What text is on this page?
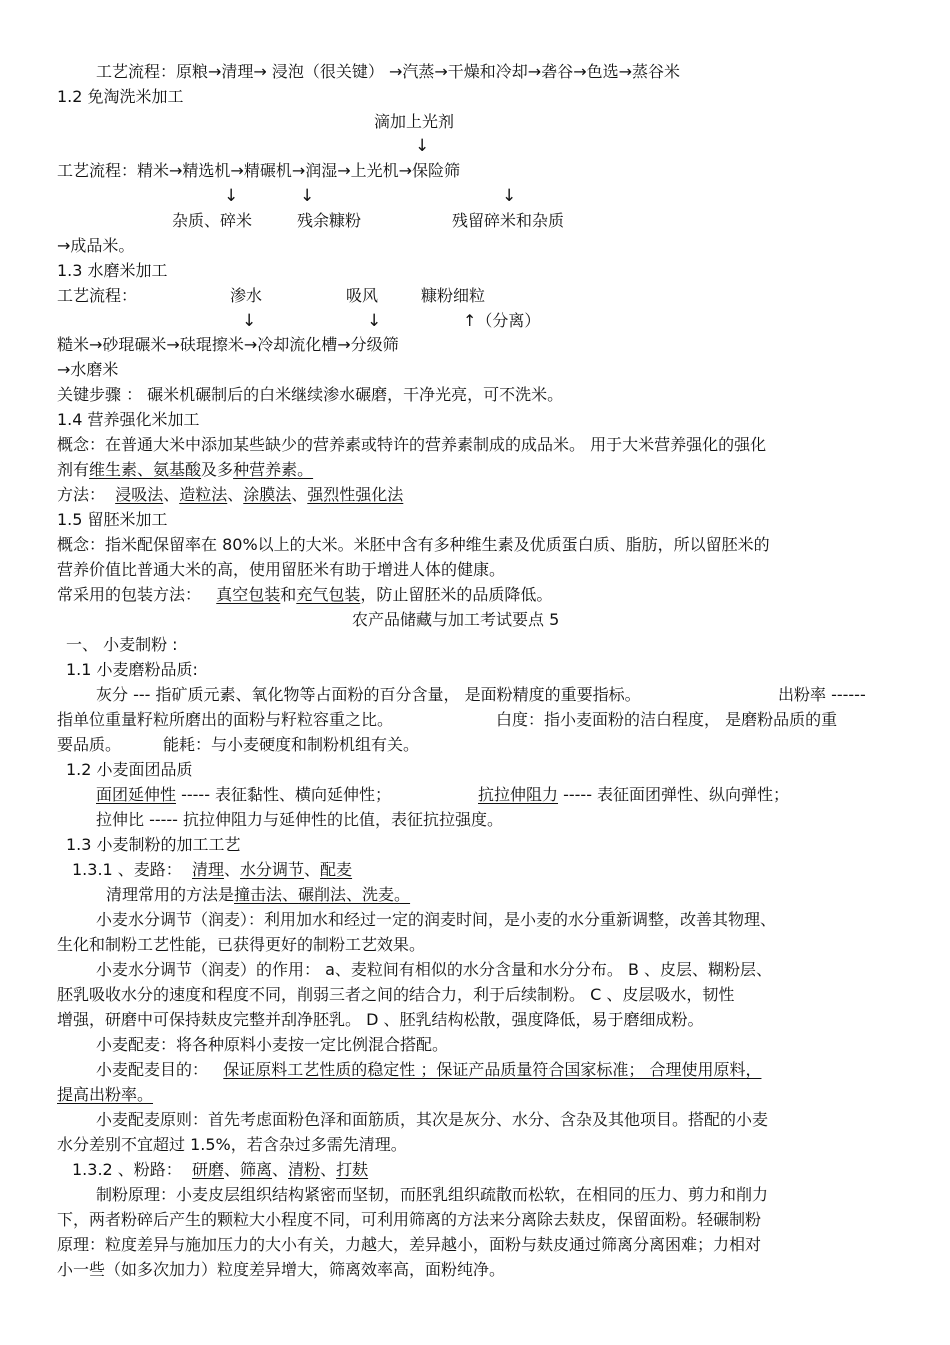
工艺流程：原粮→清理→ 浸泡（很关键） →汽蒸→干燥和冷却→砻谷→色选→蒸谷米

1.2 免淘洗米加工

滴加上光剂

↓

工艺流程：精米→精选机→精碾机→润湿→上光机→保险筛

↓	↓	↓

杂质、碎米	残余糠粉	残留碎米和杂质

→成品米。

1.3 水磨米加工

工艺流程：	渗水	吸风	糠粉细粒

↓	↓	↑（分离）

糙米→砂琨碾米→砆琨擦米→冷却流化槽→分级筛

→水磨米

关键步骤 ： 碾米机碾制后的白米继续渗水碾磨，干净光亮，可不洗米。

1.4 营养强化米加工

概念：在普通大米中添加某些缺少的营养素或特许的营养素制成的成品米。 用于大米营养强化的强化

剂有维生素、氨基酸及多种营养素。

方法： 浸吸法、造粒法、涂膜法、强烈性强化法

1.5 留胚米加工

概念：指米配保留率在 80%以上的大米。米胚中含有多种维生素及优质蛋白质、脂肪，所以留胚米的

营养价值比普通大米的高，使用留胚米有助于增进人体的健康。

常采用的包装方法： 真空包装和充气包装，防止留胚米的品质降低。

农产品储藏与加工考试要点 5

一、 小麦制粉 :

1.1 小麦磨粉品质:

灰分 --- 指矿质元素、氧化物等占面粉的百分含量， 是面粉精度的重要指标。	出粉率 ------

指单位重量籽粒所磨出的面粉与籽粒容重之比。	白度：指小麦面粉的洁白程度， 是磨粉品质的重

要品质。	能耗：与小麦硬度和制粉机组有关。

1.2 小麦面团品质

面团延伸性 ----- 表征黏性、横向延伸性；	抗拉伸阻力 ----- 表征面团弹性、纵向弹性；

拉伸比 ----- 抗拉伸阻力与延伸性的比值，表征抗拉强度。

1.3 小麦制粉的加工工艺

1.3.1 、麦路： 清理、水分调节、配麦

清理常用的方法是撞击法、碾削法、洗麦。

小麦水分调节（润麦）：利用加水和经过一定的润麦时间，是小麦的水分重新调整，改善其物理、

生化和制粉工艺性能，已获得更好的制粉工艺效果。

小麦水分调节（润麦）的作用： a、麦粒间有相似的水分含量和水分分布。 B 、皮层、糊粉层、

胚乳吸收水分的速度和程度不同，削弱三者之间的结合力，利于后续制粉。 C 、皮层吸水，韧性

增强，研磨中可保持麸皮完整并刮净胚乳。 D 、胚乳结构松散，强度降低，易于磨细成粉。

小麦配麦：将各种原料小麦按一定比例混合搭配。

小麦配麦目的： 保证原料工艺性质的稳定性 ；保证产品质量符合国家标准； 合理使用原料，

提高出粉率。

小麦配麦原则：首先考虑面粉色泽和面筋质，其次是灰分、水分、含杂及其他项目。搭配的小麦

水分差别不宜超过 1.5%，若含杂过多需先清理。

1.3.2 、粉路： 研磨、筛离、清粉、打麸

制粉原理：小麦皮层组织结构紧密而坚韧，而胚乳组织疏散而松软，在相同的压力、剪力和削力

下，两者粉碎后产生的颗粒大小程度不同，可利用筛离的方法来分离除去麸皮，保留面粉。轻碾制粉

原理：粒度差异与施加压力的大小有关，力越大，差异越小，面粉与麸皮通过筛离分离困难；力相对

小一些（如多次加力）粒度差异增大，筛离效率高，面粉纯净。
